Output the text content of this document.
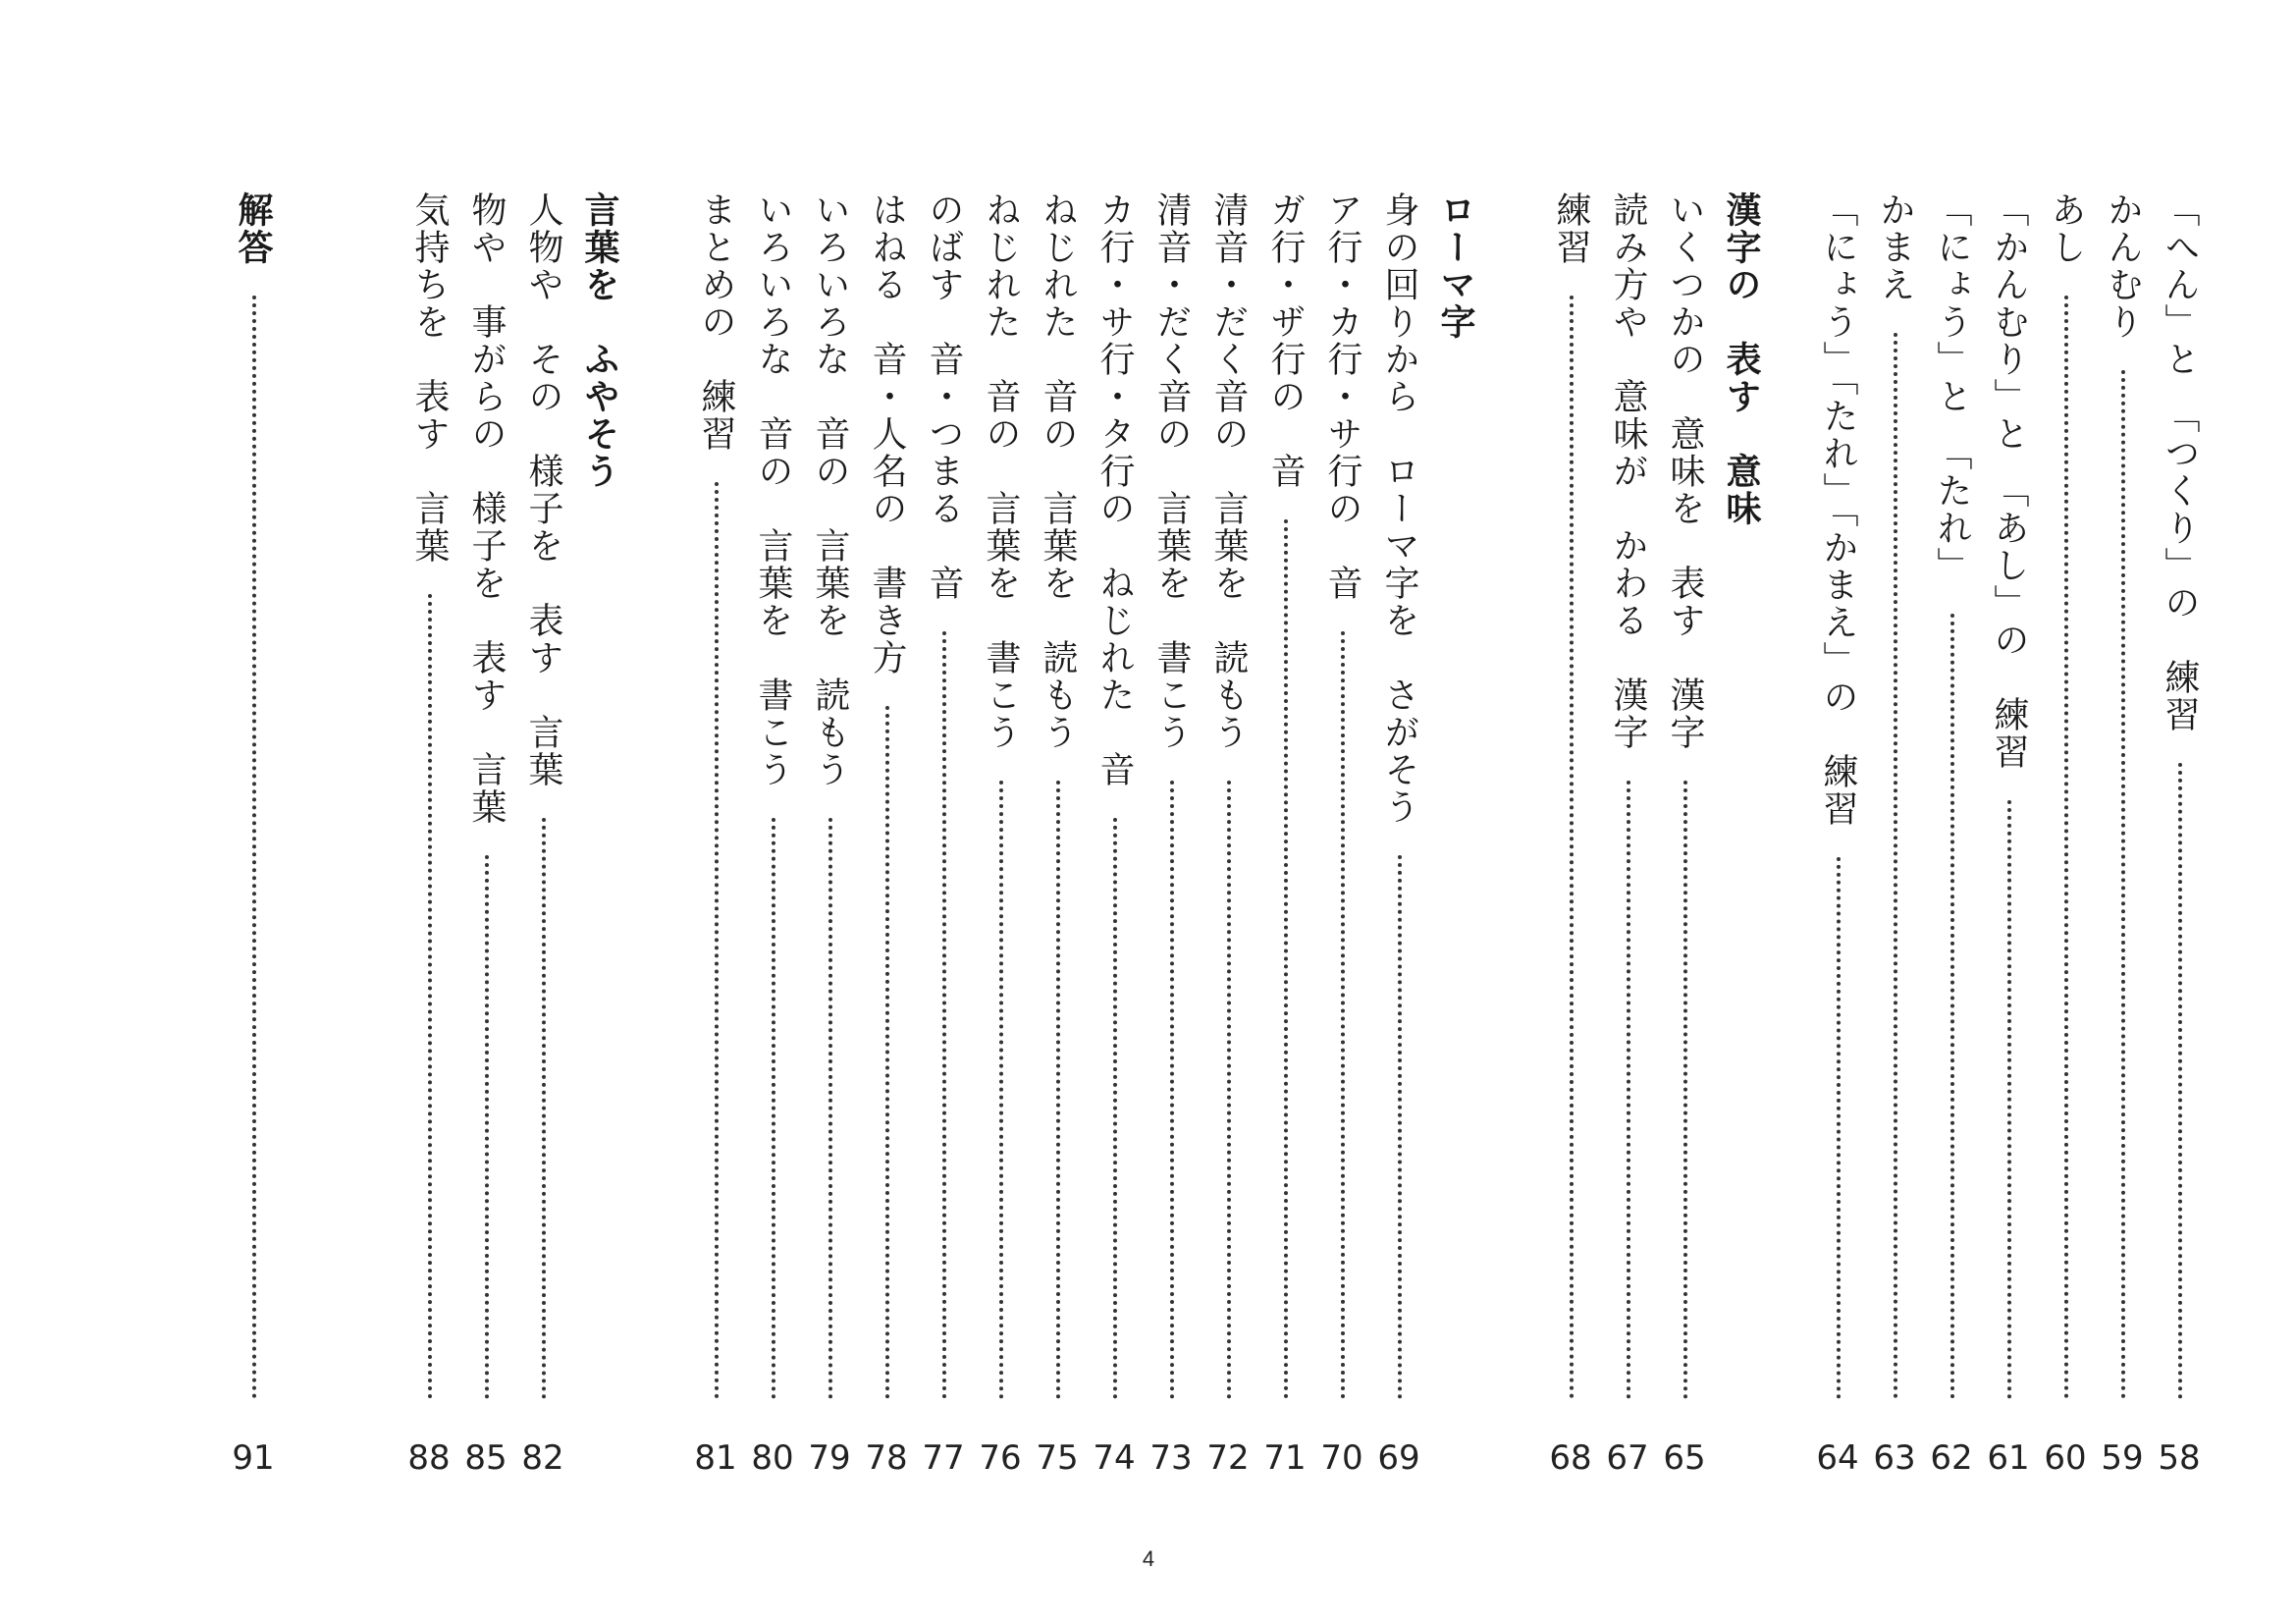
「へん」と　「つくり」の　練習
58
かんむり
59
あし
60
「かんむり」と　「あし」の　練習
61
「にょう」と　「たれ」
62
かまえ
63
「にょう」「たれ」「かまえ」の　練習
64
漢字の　表す　意味
いくつかの　意味を　表す　漢字
65
読み方や　意味が　かわる　漢字
67
練習
68
ローマ字
身の回りから　ローマ字を　さがそう
69
ア行・カ行・サ行の　音
70
ガ行・ザ行の　音
71
清音・だく音の　言葉を　読もう
72
清音・だく音の　言葉を　書こう
73
カ行・サ行・タ行の　ねじれた　音
74
ねじれた　音の　言葉を　読もう
75
ねじれた　音の　言葉を　書こう
76
のばす　音・つまる　音
77
はねる　音・人名の　書き方
78
いろいろな　音の　言葉を　読もう
79
いろいろな　音の　言葉を　書こう
80
まとめの　練習
81
言葉を　ふやそう
人物や　その　様子を　表す　言葉
82
物や　事がらの　様子を　表す　言葉
85
気持ちを　表す　言葉
88
解答
91
4
